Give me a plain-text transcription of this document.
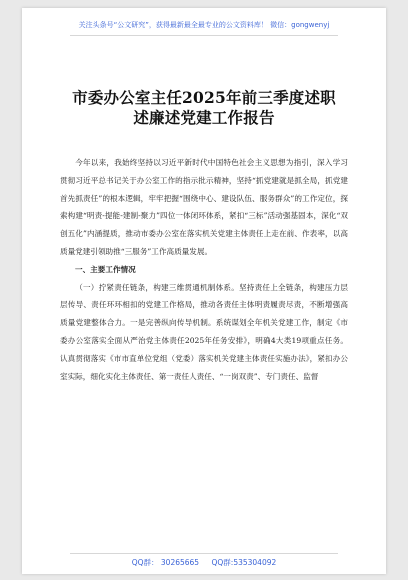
关注头条号“公文研究”，获得最新最全最专业的公文资料库！ 微信：gongwenyj
市委办公室主任2025年前三季度述职
述廉述党建工作报告

今年以来，我始终坚持以习近平新时代中国特色社会主义思想为指引，深入学习贯彻习近平总书记关于办公室工作的指示批示精神，坚持“抓党建就是抓全局，抓党建首先抓责任”的根本逻辑，牢牢把握“围绕中心、建设队伍、服务群众”的工作定位，探索构建“明责-提能-建制-聚力”四位一体闭环体系，紧扣“三标”活动强基固本，深化“双创五化”内涵提质，推动市委办公室在落实机关党建主体责任上走在前、作表率，以高质量党建引领助推“三服务”工作高质量发展。

一、主要工作情况

（一）拧紧责任链条，构建三维贯通机制体系。坚持责任上全链条，构建压力层层传导、责任环环相扣的党建工作格局，推动各责任主体明责履责尽责，不断增强高质量党建整体合力。一是完善纵向传导机制。系统谋划全年机关党建工作，制定《市委办公室落实全面从严治党主体责任2025年任务安排》，明确4大类19项重点任务。认真贯彻落实《市市直单位党组（党委）落实机关党建主体责任实施办法》，紧扣办公室实际，细化实化主体责任、第一责任人责任、“一岗双责”、专门责任、监督

QQ群： 30265665 QQ群:535304092
